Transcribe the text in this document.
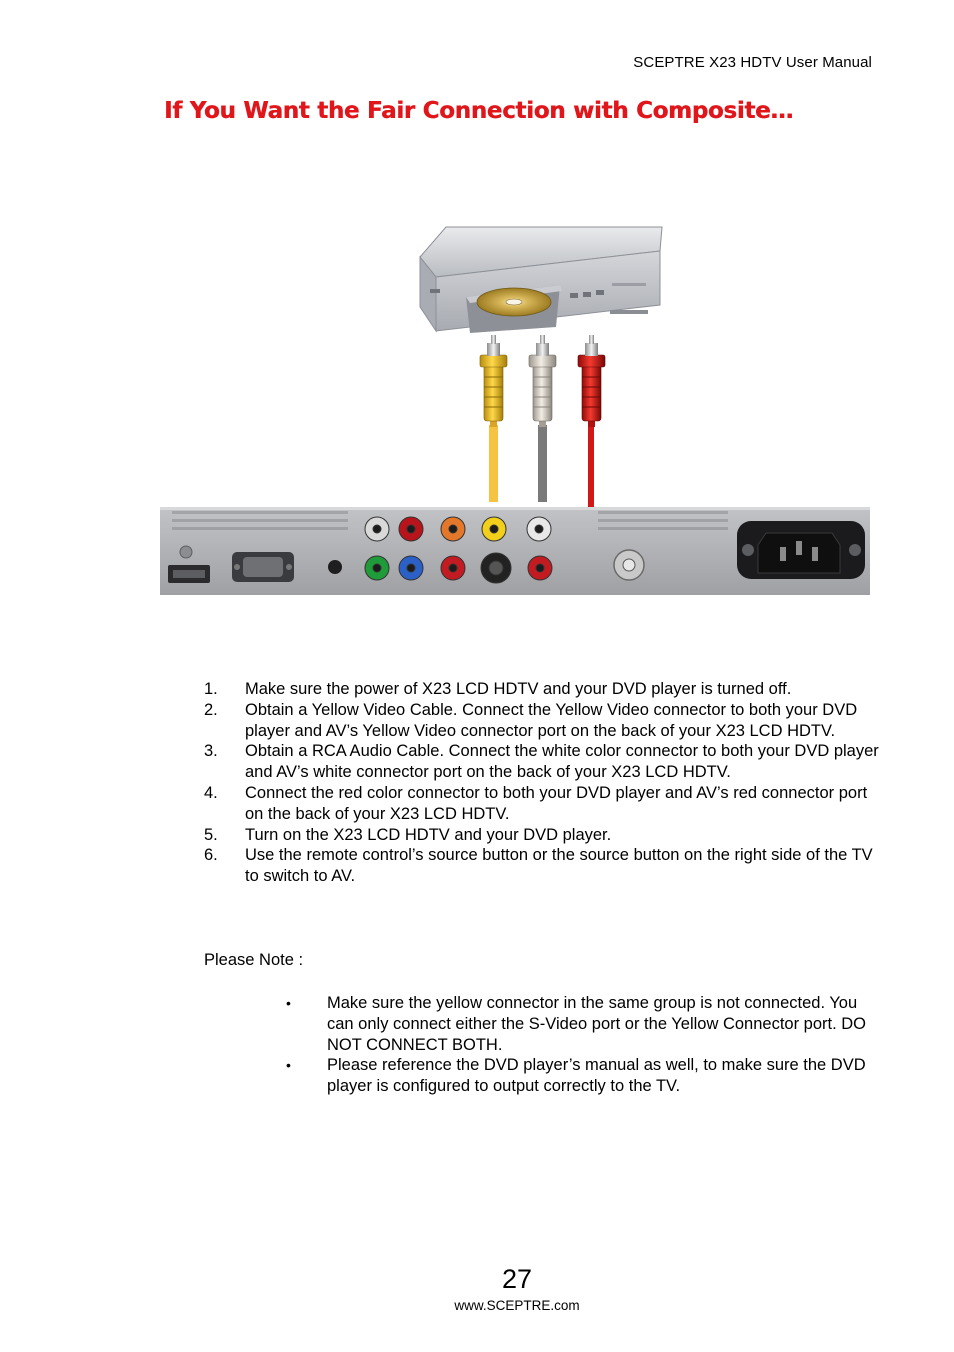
SCEPTRE X23 HDTV User Manual
If You Want the Fair Connection with Composite…
1. Make sure the power of X23 LCD HDTV and your DVD player is turned off.
2. Obtain a Yellow Video Cable. Connect the Yellow Video connector to both your DVD player and AV’s Yellow Video connector port on the back of your X23 LCD HDTV.
3. Obtain a RCA Audio Cable. Connect the white color connector to both your DVD player and AV’s white connector port on the back of your X23 LCD HDTV.
4. Connect the red color connector to both your DVD player and AV’s red connector port on the back of your X23 LCD HDTV.
5. Turn on the X23 LCD HDTV and your DVD player.
6. Use the remote control’s source button or the source button on the right side of the TV to switch to AV.
Please Note :
• Make sure the yellow connector in the same group is not connected. You can only connect either the S-Video port or the Yellow Connector port. DO NOT CONNECT BOTH.
• Please reference the DVD player’s manual as well, to make sure the DVD player is configured to output correctly to the TV.
27
www.SCEPTRE.com
